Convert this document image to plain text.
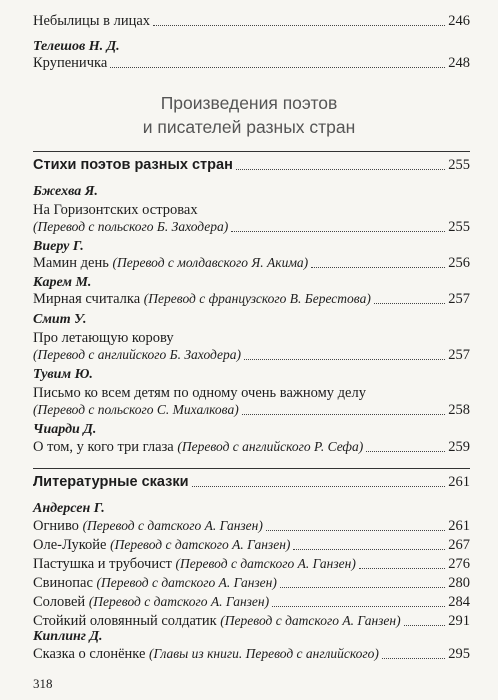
Небылицы в лицах	246
Телешов Н. Д.
Крупеничка	248
Произведения поэтов
и писателей разных стран
Стихи поэтов разных стран	255
Бжехва Я.
На Горизонтских островах
(Перевод с польского Б. Заходера)	255
Виеру Г.
Мамин день (Перевод с молдавского Я. Акима)	256
Карем М.
Мирная считалка (Перевод с французского В. Берестова)	257
Смит У.
Про летающую корову
(Перевод с английского Б. Заходера)	257
Тувим Ю.
Письмо ко всем детям по одному очень важному делу
(Перевод с польского С. Михалкова)	258
Чиарди Д.
О том, у кого три глаза (Перевод с английского Р. Сефа)	259
Литературные сказки	261
Андерсен Г.
Огниво (Перевод с датского А. Ганзен)	261
Оле-Лукойе (Перевод с датского А. Ганзен)	267
Пастушка и трубочист (Перевод с датского А. Ганзен)	276
Свинопас (Перевод с датского А. Ганзен)	280
Соловей (Перевод с датского А. Ганзен)	284
Стойкий оловянный солдатик (Перевод с датского А. Ганзен)	291
Киплинг Д.
Сказка о слонёнке (Главы из книги. Перевод с английского)	295
318
